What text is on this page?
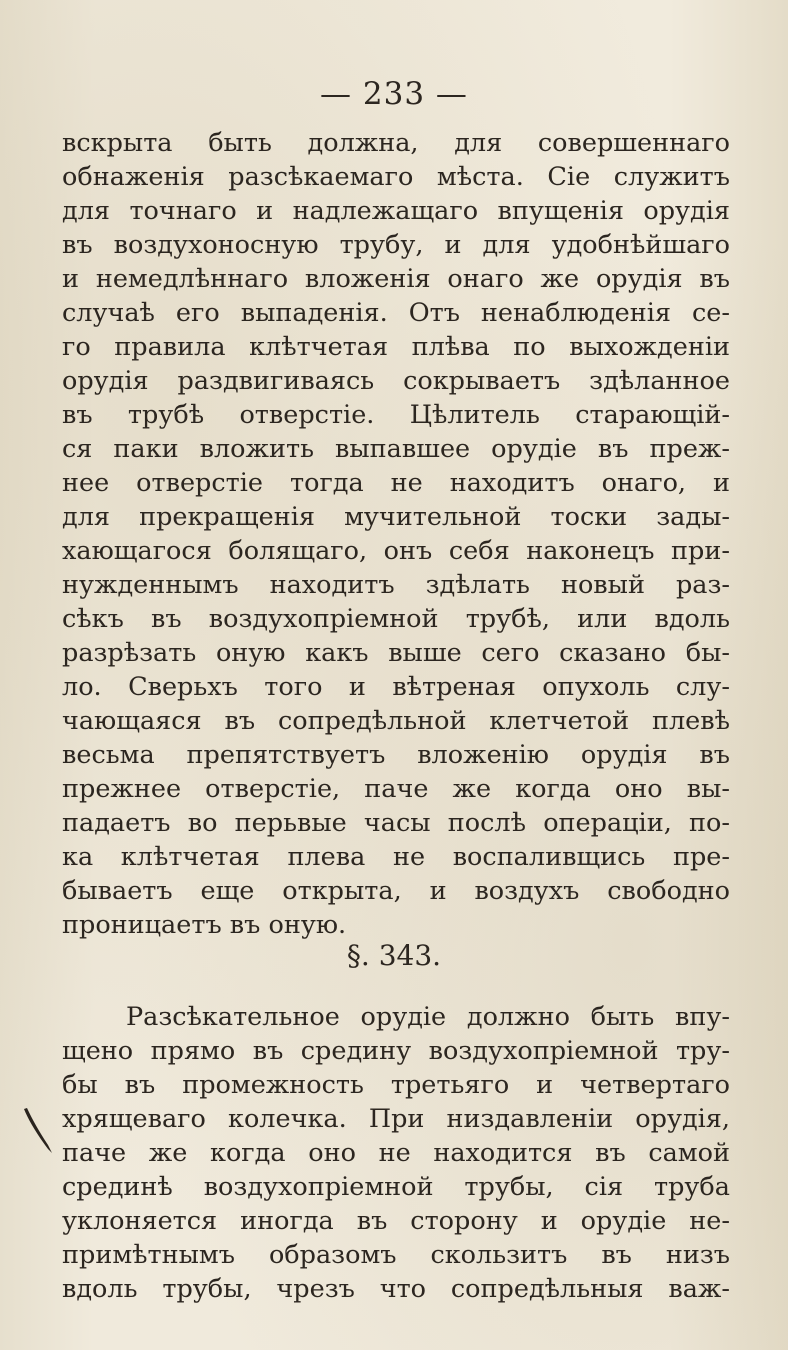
— 233 —
вскрыта быть должна, для совершеннаго
обнаженія разсѣкаемаго мѣста. Сіе служитъ
для точнаго и надлежащаго впущенія орудія
въ воздухоносную трубу, и для удобнѣйшаго
и немедлѣннаго вложенія онаго же орудія въ
случаѣ его выпаденія. Отъ ненаблюденія се-
го правила клѣтчетая плѣва по выхожденіи
орудія раздвигиваясь сокрываетъ здѣланное
въ трубѣ отверстіе. Цѣлитель старающій-
ся паки вложить выпавшее орудіе въ преж-
нее отверстіе тогда не находитъ онаго, и
для прекращенія мучительной тоски зады-
хающагося болящаго, онъ себя наконецъ при-
нужденнымъ находитъ здѣлать новый раз-
сѣкъ въ воздухопріемной трубѣ, или вдоль
разрѣзать оную какъ выше сего сказано бы-
ло. Сверьхъ того и вѣтреная опухоль слу-
чающаяся въ сопредѣльной клетчетой плевѣ
весьма препятствуетъ вложенію орудія въ
прежнее отверстіе, паче же когда оно вы-
падаетъ во перьвые часы послѣ операціи, по-
ка клѣтчетая плева не воспаливщись пре-
бываетъ еще открыта, и воздухъ свободно
проницаетъ въ оную.
§. 343.
Разсѣкательное орудіе должно быть впу-
щено прямо въ средину воздухопріемной тру-
бы въ промежность третьяго и четвертаго
хрящеваго колечка. При низдавленіи орудія,
паче же когда оно не находится въ самой
срединѣ воздухопріемной трубы, сія труба
уклоняется иногда въ сторону и орудіе не-
примѣтнымъ образомъ скользитъ въ низъ
вдоль трубы, чрезъ что сопредѣльныя важ-
